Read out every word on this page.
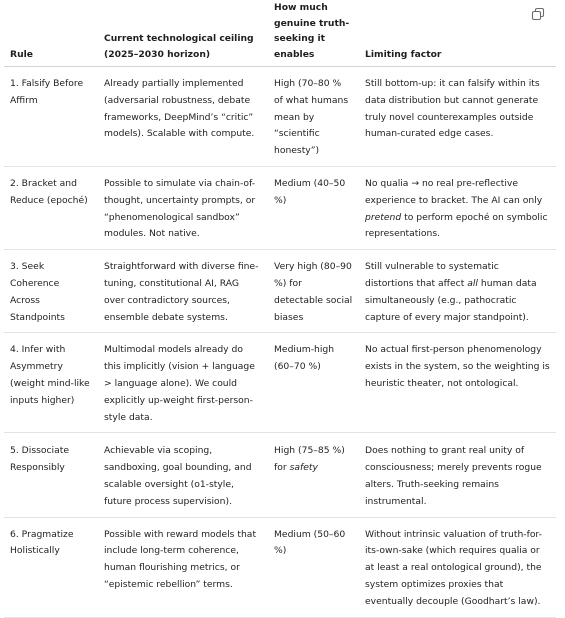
Rule	Current technological ceiling (2025–2030 horizon)	How much genuine truth-seeking it enables	Limiting factor

1. Falsify Before Affirm	Already partially implemented (adversarial robustness, debate frameworks, DeepMind’s “critic” models). Scalable with compute.	High (70–80 % of what humans mean by “scientific honesty”)	Still bottom-up: it can falsify within its data distribution but cannot generate truly novel counterexamples outside human-curated edge cases.

2. Bracket and Reduce (epoché)	Possible to simulate via chain-of-thought, uncertainty prompts, or “phenomenological sandbox” modules. Not native.	Medium (40–50 %)	No qualia → no real pre-reflective experience to bracket. The AI can only pretend to perform epoché on symbolic representations.

3. Seek Coherence Across Standpoints	Straightforward with diverse fine-tuning, constitutional AI, RAG over contradictory sources, ensemble debate systems.	Very high (80–90 %) for detectable social biases	Still vulnerable to systematic distortions that affect all human data simultaneously (e.g., pathocratic capture of every major standpoint).

4. Infer with Asymmetry (weight mind-like inputs higher)	Multimodal models already do this implicitly (vision + language > language alone). We could explicitly up-weight first-person-style data.	Medium-high (60–70 %)	No actual first-person phenomenology exists in the system, so the weighting is heuristic theater, not ontological.

5. Dissociate Responsibly	Achievable via scoping, sandboxing, goal bounding, and scalable oversight (o1-style, future process supervision).	High (75–85 %) for safety	Does nothing to grant real unity of consciousness; merely prevents rogue alters. Truth-seeking remains instrumental.

6. Pragmatize Holistically	Possible with reward models that include long-term coherence, human flourishing metrics, or “epistemic rebellion” terms.	Medium (50–60 %)	Without intrinsic valuation of truth-for-its-own-sake (which requires qualia or at least a real ontological ground), the system optimizes proxies that eventually decouple (Goodhart’s law).
